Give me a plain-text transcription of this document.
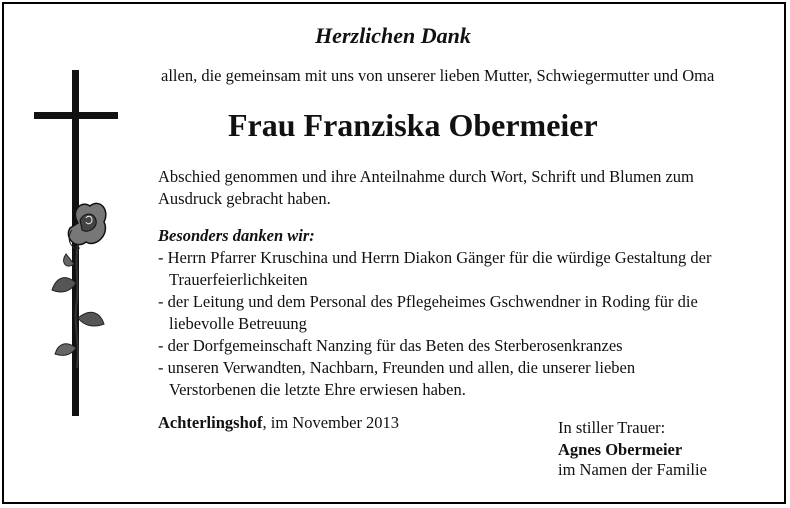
Herzlichen Dank
allen, die gemeinsam mit uns von unserer lieben Mutter, Schwiegermutter und Oma
Frau Franziska Obermeier
Abschied genommen und ihre Anteilnahme durch Wort, Schrift und Blumen zum
Ausdruck gebracht haben.
Besonders danken wir:
- Herrn Pfarrer Kruschina und Herrn Diakon Gänger für die würdige Gestaltung der
Trauerfeierlichkeiten
- der Leitung und dem Personal des Pflegeheimes Gschwendner in Roding für die
liebevolle Betreuung
- der Dorfgemeinschaft Nanzing für das Beten des Sterberosenkranzes
- unseren Verwandten, Nachbarn, Freunden und allen, die unserer lieben
Verstorbenen die letzte Ehre erwiesen haben.
Achterlingshof, im November 2013	In stiller Trauer:
Agnes Obermeier
im Namen der Familie
